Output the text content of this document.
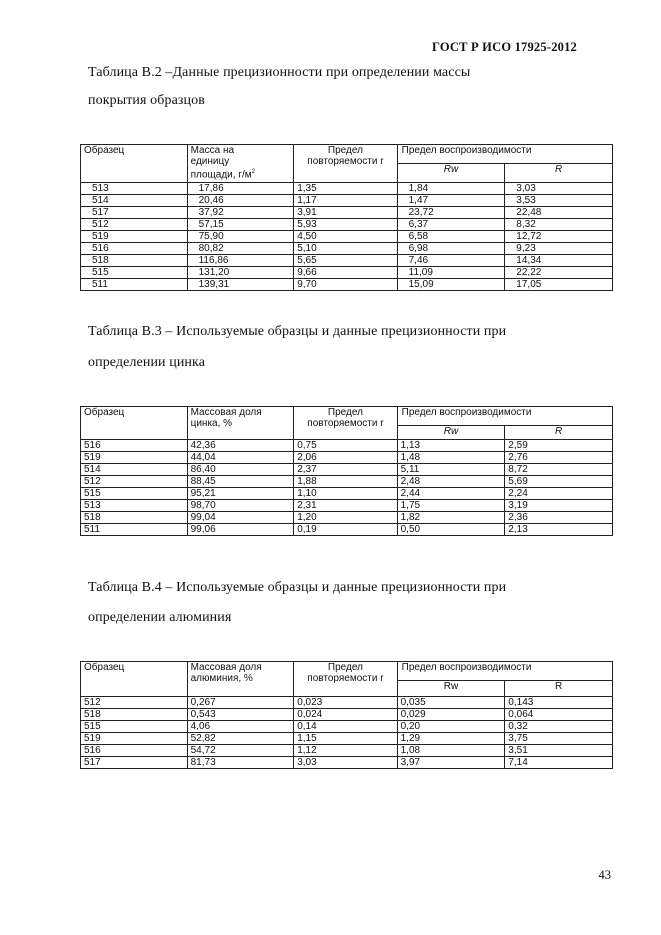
ГОСТ Р ИСО 17925-2012
Таблица В.2 –Данные прецизионности при определении массы
покрытия образцов
Образец	Масса на
единицу
площади, $г/м^2$	Предел
повторяемости r	Предел воспроизводимости	
			Rw	R
513	17,86	1,35	1,84	3,03
514	20,46	1,17	1,47	3,53
517	37,92	3,91	23,72	22,48
512	57,15	5,93	6,37	8,32
519	75,90	4,50	6,58	12,72
516	80,82	5,10	6,98	9,23
518	116,86	5,65	7,46	14,34
515	131,20	9,66	11,09	22,22
511	139,31	9,70	15,09	17,05
Таблица В.3 – Используемые образцы и данные прецизионности при
определении цинка
Образец	Массовая доля
цинка, %	Предел
повторяемости r	Предел воспроизводимости	
			Rw	R
516	42,36	0,75	1,13	2,59
519	44,04	2,06	1,48	2,76
514	86,40	2,37	5,11	8,72
512	88,45	1,88	2,48	5,69
515	95,21	1,10	2,44	2,24
513	98,70	2,31	1,75	3,19
518	99,04	1,20	1,82	2,36
511	99,06	0,19	0,50	2,13
Таблица В.4 – Используемые образцы и данные прецизионности при
определении алюминия
Образец	Массовая доля
алюминия, %	Предел
повторяемости r	Предел воспроизводимости	
			Rw	R
512	0,267	0,023	0,035	0,143
518	0,543	0,024	0,029	0,064
515	4,06	0,14	0,20	0,32
519	52,82	1,15	1,29	3,75
516	54,72	1,12	1,08	3,51
517	81,73	3,03	3,97	7,14
43
